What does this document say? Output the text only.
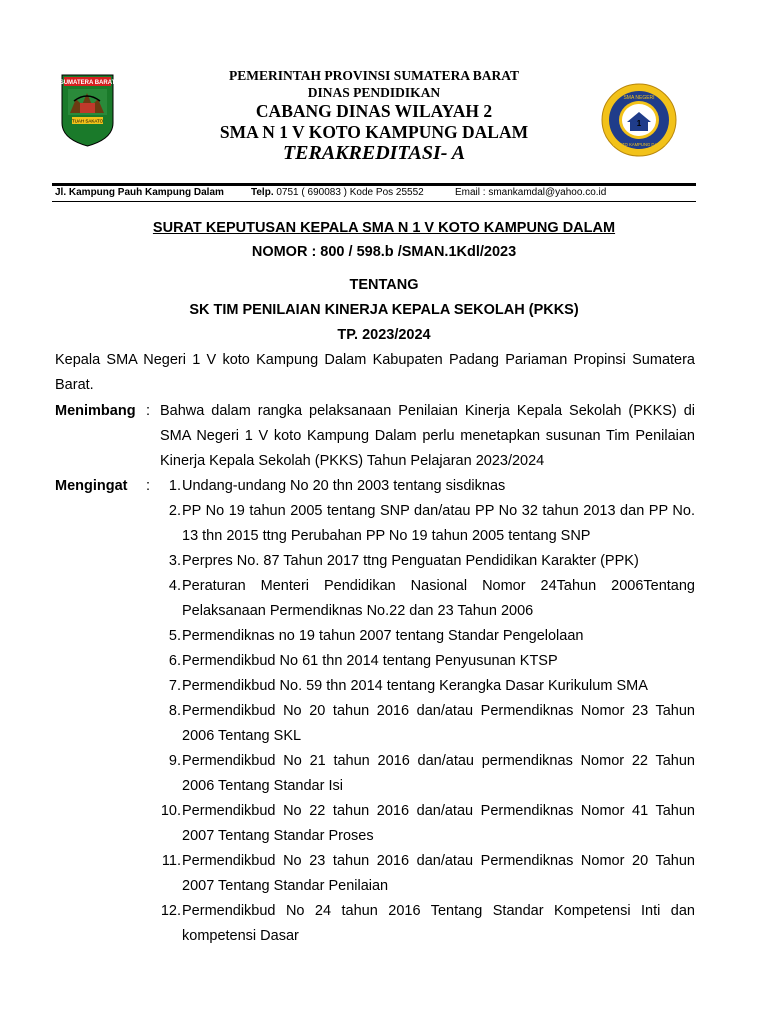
SUMATERA BARAT
TUAH SAKATO	1
SMA NEGERI
V KOTO KAMPUNG DALAM
PEMERINTAH PROVINSI SUMATERA BARAT
DINAS PENDIDIKAN
CABANG DINAS WILAYAH 2
SMA N 1 V KOTO KAMPUNG DALAM
TERAKREDITASI- A
Jl. Kampung Pauh Kampung Dalam	Telp. 0751 ( 690083 ) Kode Pos 25552	Email : smankamdal@yahoo.co.id
SURAT KEPUTUSAN KEPALA SMA N 1 V KOTO KAMPUNG DALAM
NOMOR : 800 / 598.b /SMAN.1Kdl/2023
TENTANG
SK TIM PENILAIAN KINERJA KEPALA SEKOLAH (PKKS)
TP. 2023/2024
Kepala SMA Negeri 1 V koto Kampung Dalam Kabupaten Padang Pariaman Propinsi Sumatera Barat.
Menimbang : Bahwa dalam rangka pelaksanaan Penilaian Kinerja Kepala Sekolah (PKKS) di SMA Negeri 1 V koto Kampung Dalam perlu menetapkan susunan Tim Penilaian Kinerja Kepala Sekolah (PKKS) Tahun Pelajaran 2023/2024
Mengingat :	1. Undang-undang No 20 thn 2003 tentang sisdiknas
2. PP No 19 tahun 2005 tentang SNP dan/atau PP No 32 tahun 2013 dan PP No. 13 thn 2015 ttng Perubahan PP No 19 tahun 2005 tentang SNP
3. Perpres No. 87 Tahun 2017 ttng Penguatan Pendidikan Karakter (PPK)
4. Peraturan Menteri Pendidikan Nasional Nomor 24Tahun 2006Tentang Pelaksanaan Permendiknas No.22 dan 23 Tahun 2006
5. Permendiknas no 19 tahun 2007 tentang Standar Pengelolaan
6. Permendikbud No 61 thn 2014 tentang Penyusunan KTSP
7. Permendikbud No. 59 thn 2014 tentang Kerangka Dasar Kurikulum SMA
8. Permendikbud No 20 tahun 2016 dan/atau Permendiknas Nomor 23 Tahun 2006 Tentang SKL
9. Permendikbud No 21 tahun 2016 dan/atau permendiknas Nomor 22 Tahun 2006 Tentang Standar Isi
10. Permendikbud No 22 tahun 2016 dan/atau Permendiknas Nomor 41 Tahun 2007 Tentang Standar Proses
11. Permendikbud No 23 tahun 2016 dan/atau Permendiknas Nomor 20 Tahun 2007 Tentang Standar Penilaian
12. Permendikbud No 24 tahun 2016 Tentang Standar Kompetensi Inti dan kompetensi Dasar
